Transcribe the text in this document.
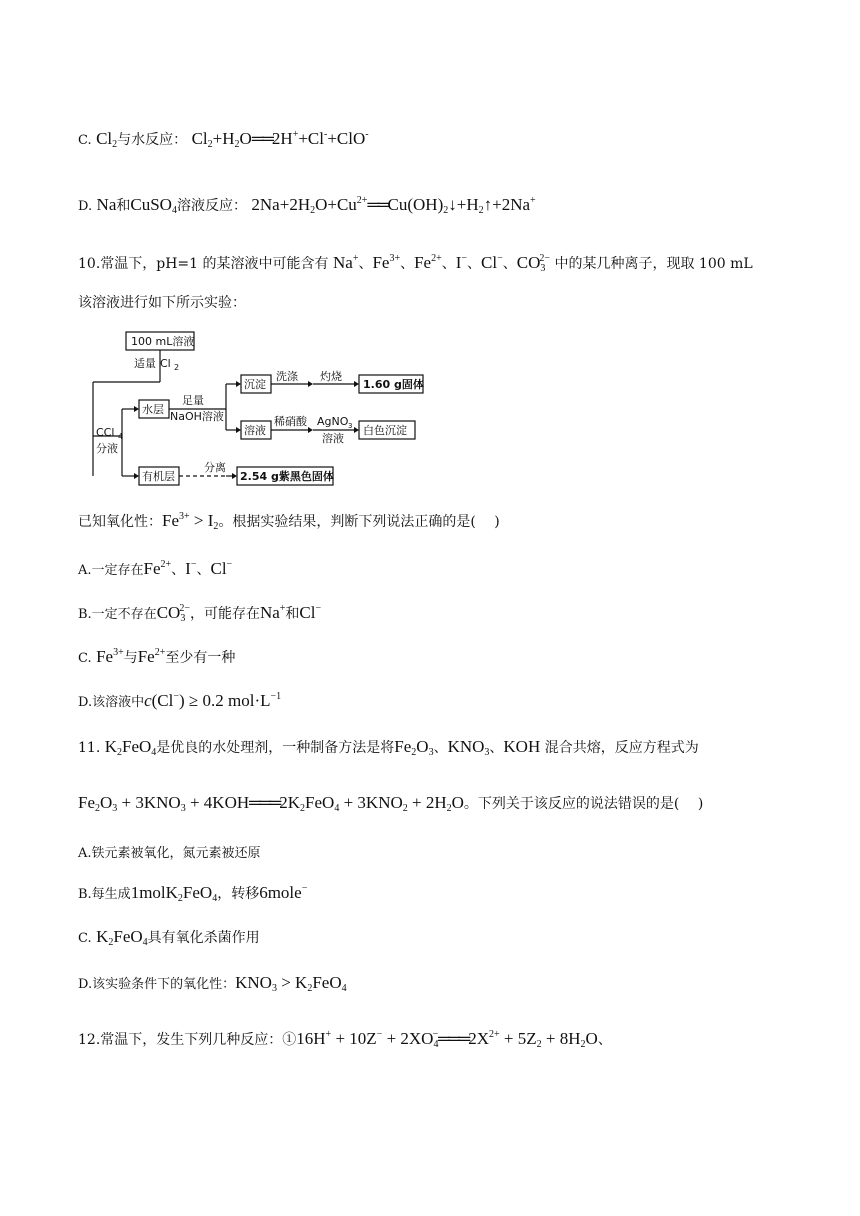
C. $Cl_2$与水反应： $Cl_2+H_2O══2H^++Cl^-+ClO^-$
D. Na和CuSO$_4$溶液反应： $2Na+2H_2O+Cu^{2+}══Cu(OH)_2↓+H_2↑+2Na^+$
10.常温下，pH=1 的某溶液中可能含有 Na+、$Fe^{3+}$、$Fe^{2+}$、I−、Cl−、$CO_3^{2-}$ 中的某几种离子，现取 100 mL
该溶液进行如下所示实验：
100 mL溶液
适量 Cl 2
CCl 4
分液
水层
有机层
足量
NaOH溶液
沉淀
洗涤 灼烧
1.60 g固体
溶液
稀硝酸 AgNO 3
溶液
白色沉淀
分离
2.54 g紫黑色固体
已知氧化性：$Fe^{3+} > I_2$。根据实验结果，判断下列说法正确的是(　 )
A.一定存在$Fe^{2+}$、I−、Cl−
B.一定不存在$CO_3^{2-}$，可能存在Na+和Cl−
C. $Fe^{3+}$与$Fe^{2+}$至少有一种
D.该溶液中c(Cl−) ≥ 0.2 $mol\cdot L^{-1}$
11. $K_2FeO_4$是优良的水处理剂，一种制备方法是将$Fe_2O_3$、$KNO_3$、KOH 混合共熔，反应方程式为
$Fe_2O_3 + 3KNO_3$ + $4KOH═══2K_2FeO_4 + 3KNO_2 + 2H_2O$。下列关于该反应的说法错误的是(　 )
A.铁元素被氧化，氮元素被还原
B.每生成1molK$_2$FeO$_4$，转移6mole−
C. $K_2FeO_4$具有氧化杀菌作用
D.该实验条件下的氧化性：$KNO_3 > K_2FeO_4$
12.常温下，发生下列几种反应：①16H+ + $10Z^- + 2XO_4^-═══2X^{2+} + 5Z_2 + 8H_2O$、
